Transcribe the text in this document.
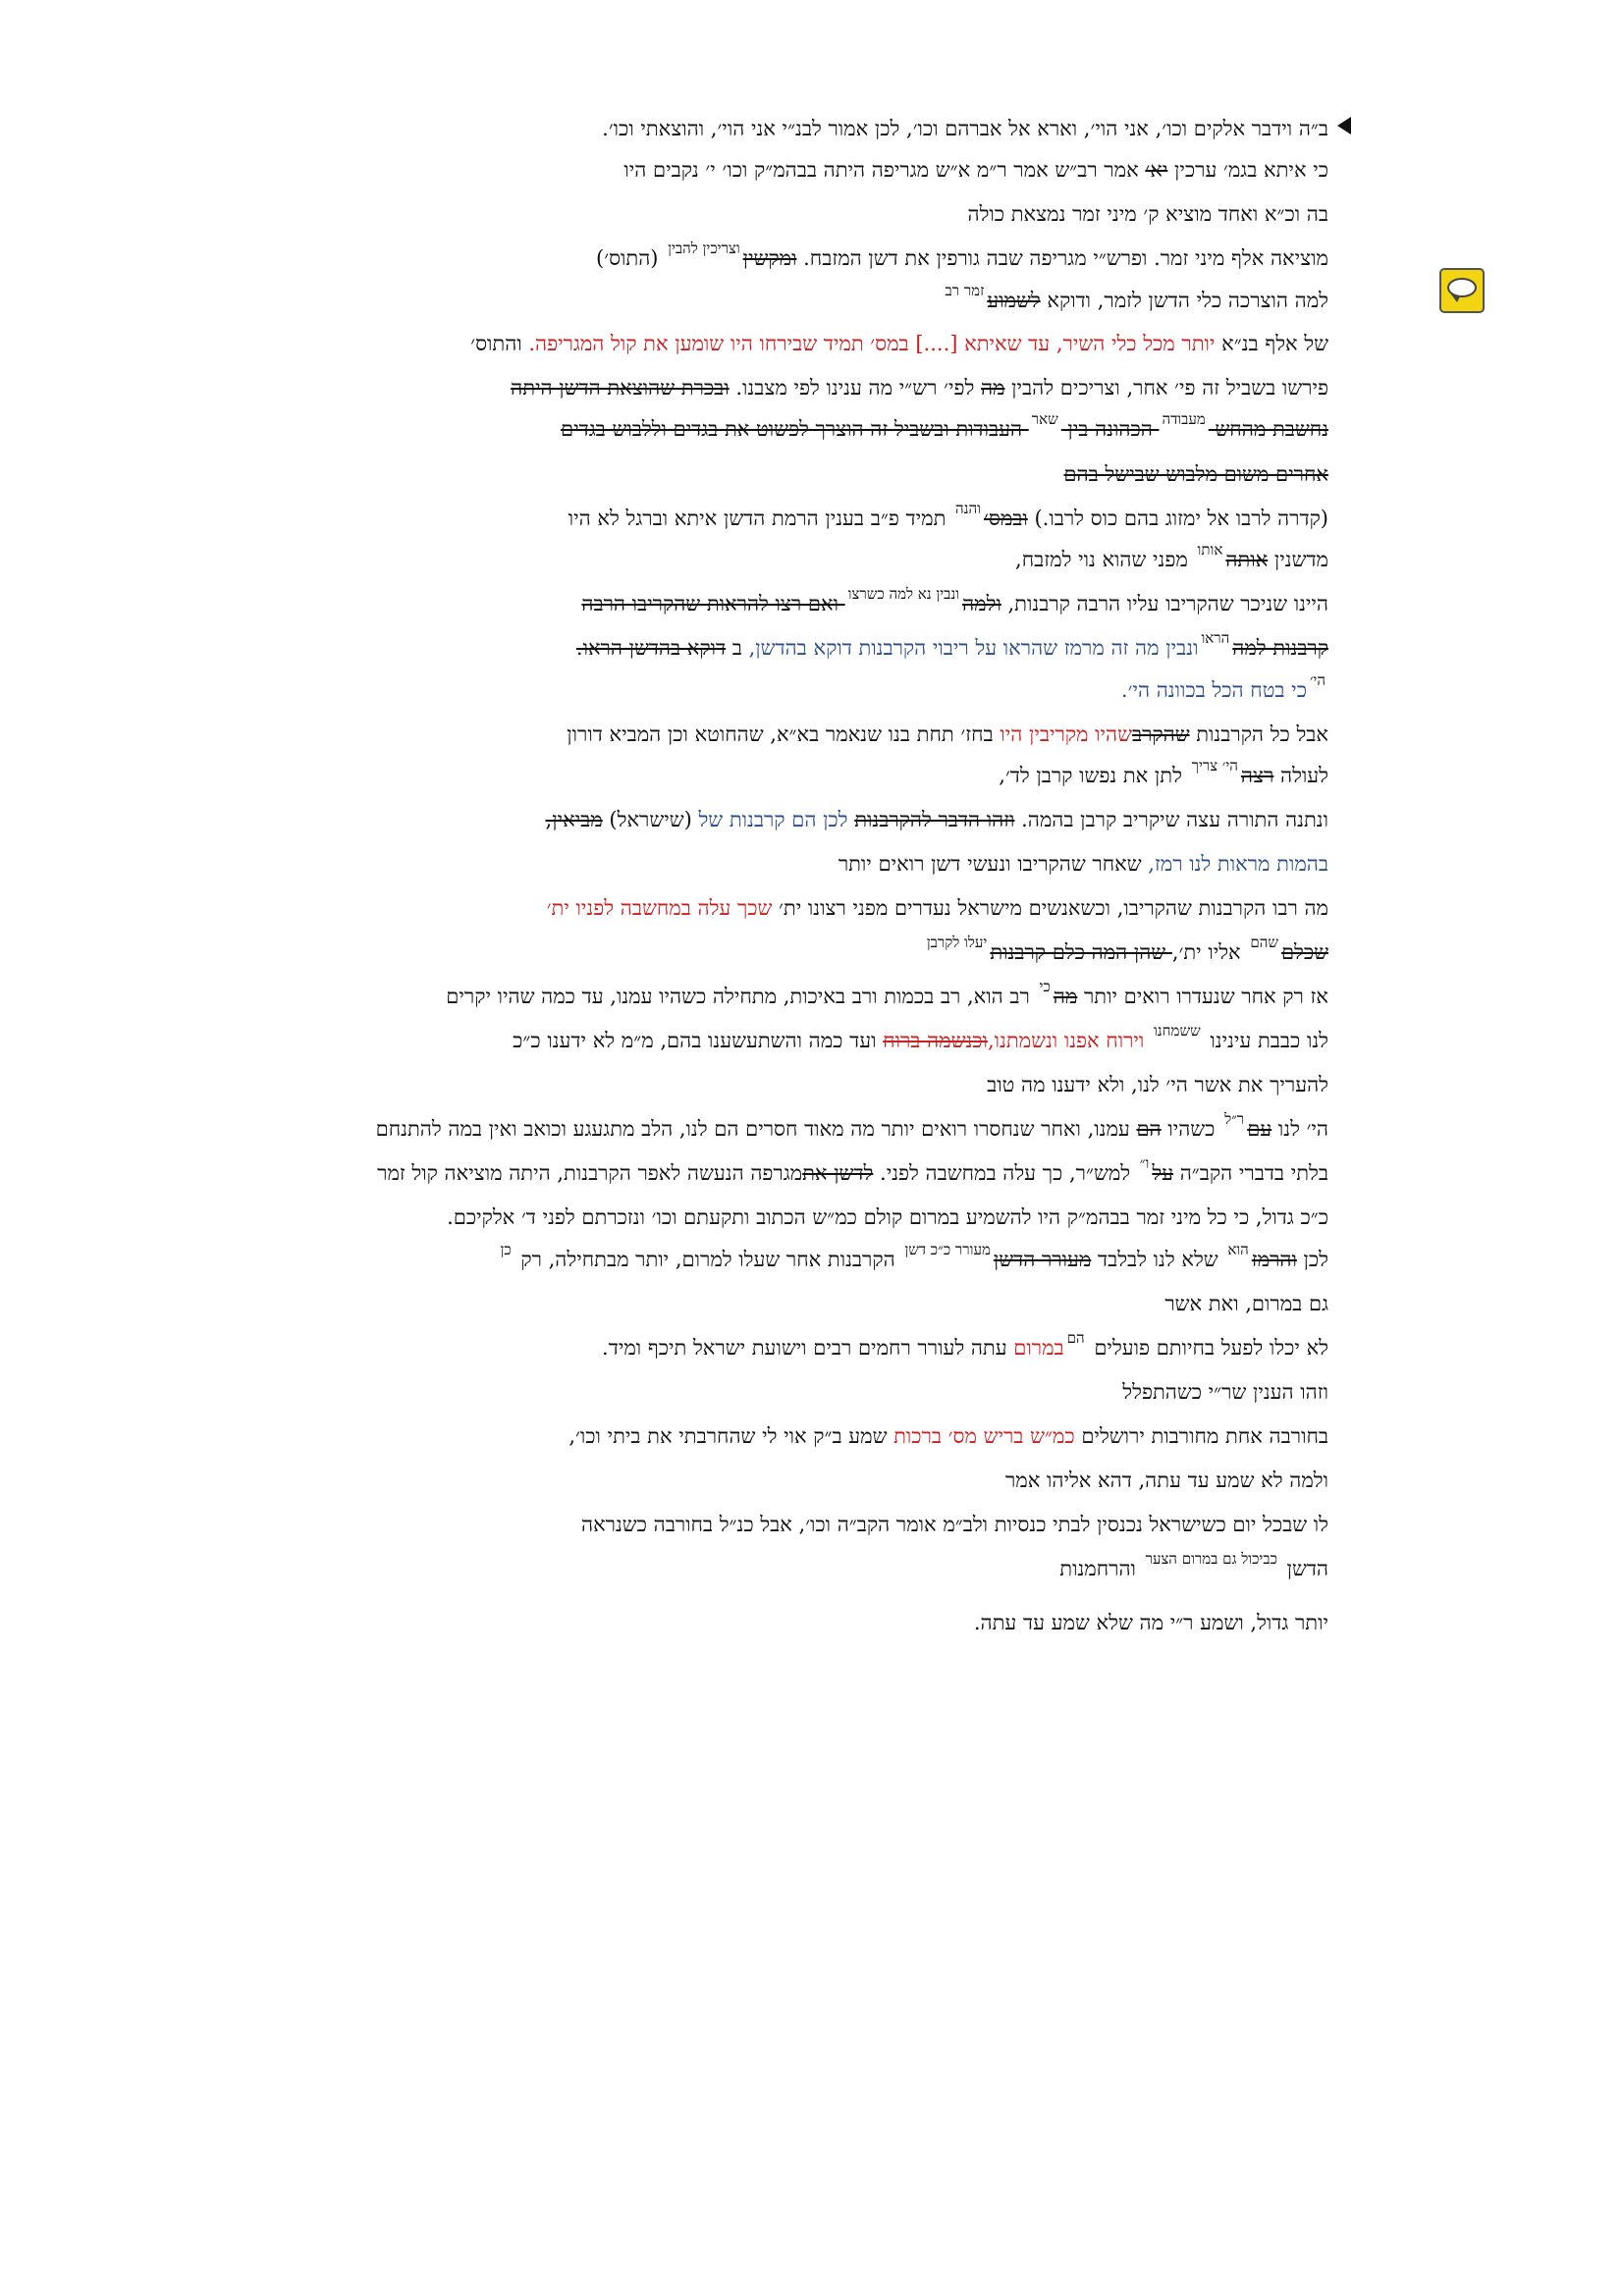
ב״ה וידבר אלקים וכו׳, אני הוי׳, וארא אל אברהם וכו׳, לכן אמור לבנ״י אני הוי׳, והוצאתי וכו׳.
כי איתא בגמ׳ ערכין יא׳ אמר רב״ש אמר ר״מ א״ש מגריפה היתה בבהמ״ק וכו׳ י׳ נקבים היו
בה וכ״א ואחד מוציא ק׳ מיני זמר נמצאת כולה
מוציאה אלף מיני זמר. ופרש״י מגריפה שבה גורפין את דשן המזבח. ומקשין$^{וצריכין להבין}$ (התוס׳)
למה הוצרכה כלי הדשן לזמר, ודוקא לשמוע$^{זמר רב}$
של אלף בנ״א יותר מכל כלי השיר, עד שאיתא [....] במס׳ תמיד שבירחו היו שומען את קול המגריפה. והתוס׳
פירשו בשביל זה פי׳ אחר, וצריכים להבין מה לפי׳ רש״י מה ענינו לפי מצבנו. ובכרת שהוצאת הדשן היתה
נחשבת מהחש $^{מעבודה}$ הכהונה בין $^{שאר}$ העבודות ובשביל זה הוצרך לפשוט את בגדים וללבוש בגדים
אחרים משום מלבוש שבישל בהם
(קדרה לרבו אל ימזוג בהם כוס לרבו.) ובמס׳$^{והנה}$ תמיד פ״ב בענין הרמת הדשן איתא וברגל לא היו
מדשנין אותה$^{אותו}$ מפני שהוא נוי למזבח,
היינו שניכר שהקריבו עליו הרבה קרבנות, ולמה$^{ונבין נא למה כשרצו}$ ואם רצו להראות שהקריבו הרבה
קרבנות למה$^{הראו}$ונבין מה זה מרמז שהראו על ריבוי הקרבנות דוקא בהדשן, ב דוקא בהדשן הראו.
$^{הי׳}$כי בטח הכל בכוונה הי׳.
אבל כל הקרבנות שהקרבשהיו מקריבין היו בחז׳ תחת בנו שנאמר בא״א, שהחוטא וכן המביא דורון
לעולה רצה$^{הי׳ צריך}$ לתן את נפשו קרבן לד׳,
ונתנה התורה עצה שיקריב קרבן בהמה. וזהו הדבר להקרבנות לכן הם קרבנות של (שישראל) מביאין,
בהמות מראות לנו רמז, שאחר שהקריבו ונעשי דשן רואים יותר
מה רבו הקרבנות שהקריבו, וכשאנשים מישראל נעדרים מפני רצונו ית׳ שכך עלה במחשבה לפניו ית׳
שכלם$^{שהם}$ אליו ית׳, שהן המה כלם קרבנות$^{יעלו לקרבן}$
אז רק אחר שנעדרו רואים יותר מה$^{כי}$ רב הוא, רב בכמות ורב באיכות, מתחילה כשהיו עמנו, עד כמה שהיו יקרים
לנו כבבת עינינו $^{ששמחנו}$ וירוח אפנו ונשמתנו,וכנשמה ברוח ועד כמה והשתעשענו בהם, מ״מ לא ידענו כ״כ
להעריך את אשר הי׳ לנו, ולא ידענו מה טוב
הי׳ לנו עם$^{ר״ל}$ כשהיו הם עמנו, ואחר שנחסרו רואים יותר מה מאוד חסרים הם לנו, הלב מתגעגע וכואב ואין במה להתנחם
בלתי בדברי הקב״ה על$^{ו״}$ למש״ר, כך עלה במחשבה לפני. לדשן אתמגרפה הנעשה לאפר הקרבנות, היתה מוציאה קול זמר
כ״כ גדול, כי כל מיני זמר בבהמ״ק היו להשמיע במרום קולם כמ״ש הכתוב ותקעתם וכו׳ ונזכרתם לפני ד׳ אלקיכם.
לכן והרמז$^{הוא}$ שלא לנו לבלבד מעורר הדשן$^{מעורר כ״כ דשן}$ הקרבנות אחר שעלו למרום, יותר מבתחילה, רק $^{כן}$
גם במרום, ואת אשר
לא יכלו לפעל בחיותם פועלים $^{הם}$במרום עתה לעורר רחמים רבים וישועת ישראל תיכף ומיד.
וזהו הענין שר״י כשהתפלל
בחורבה אחת מחורבות ירושלים כמ״ש בריש מס׳ ברכות שמע ב״ק אוי לי שהחרבתי את ביתי וכו׳,
ולמה לא שמע עד עתה, דהא אליהו אמר
לו שבכל יום כשישראל נכנסין לבתי כנסיות ולב״מ אומר הקב״ה וכו׳, אבל כנ״ל בחורבה כשנראה
הדשן $^{כביכול גם במרום הצער}$ והרחמנות
יותר גדול, ושמע ר״י מה שלא שמע עד עתה.
